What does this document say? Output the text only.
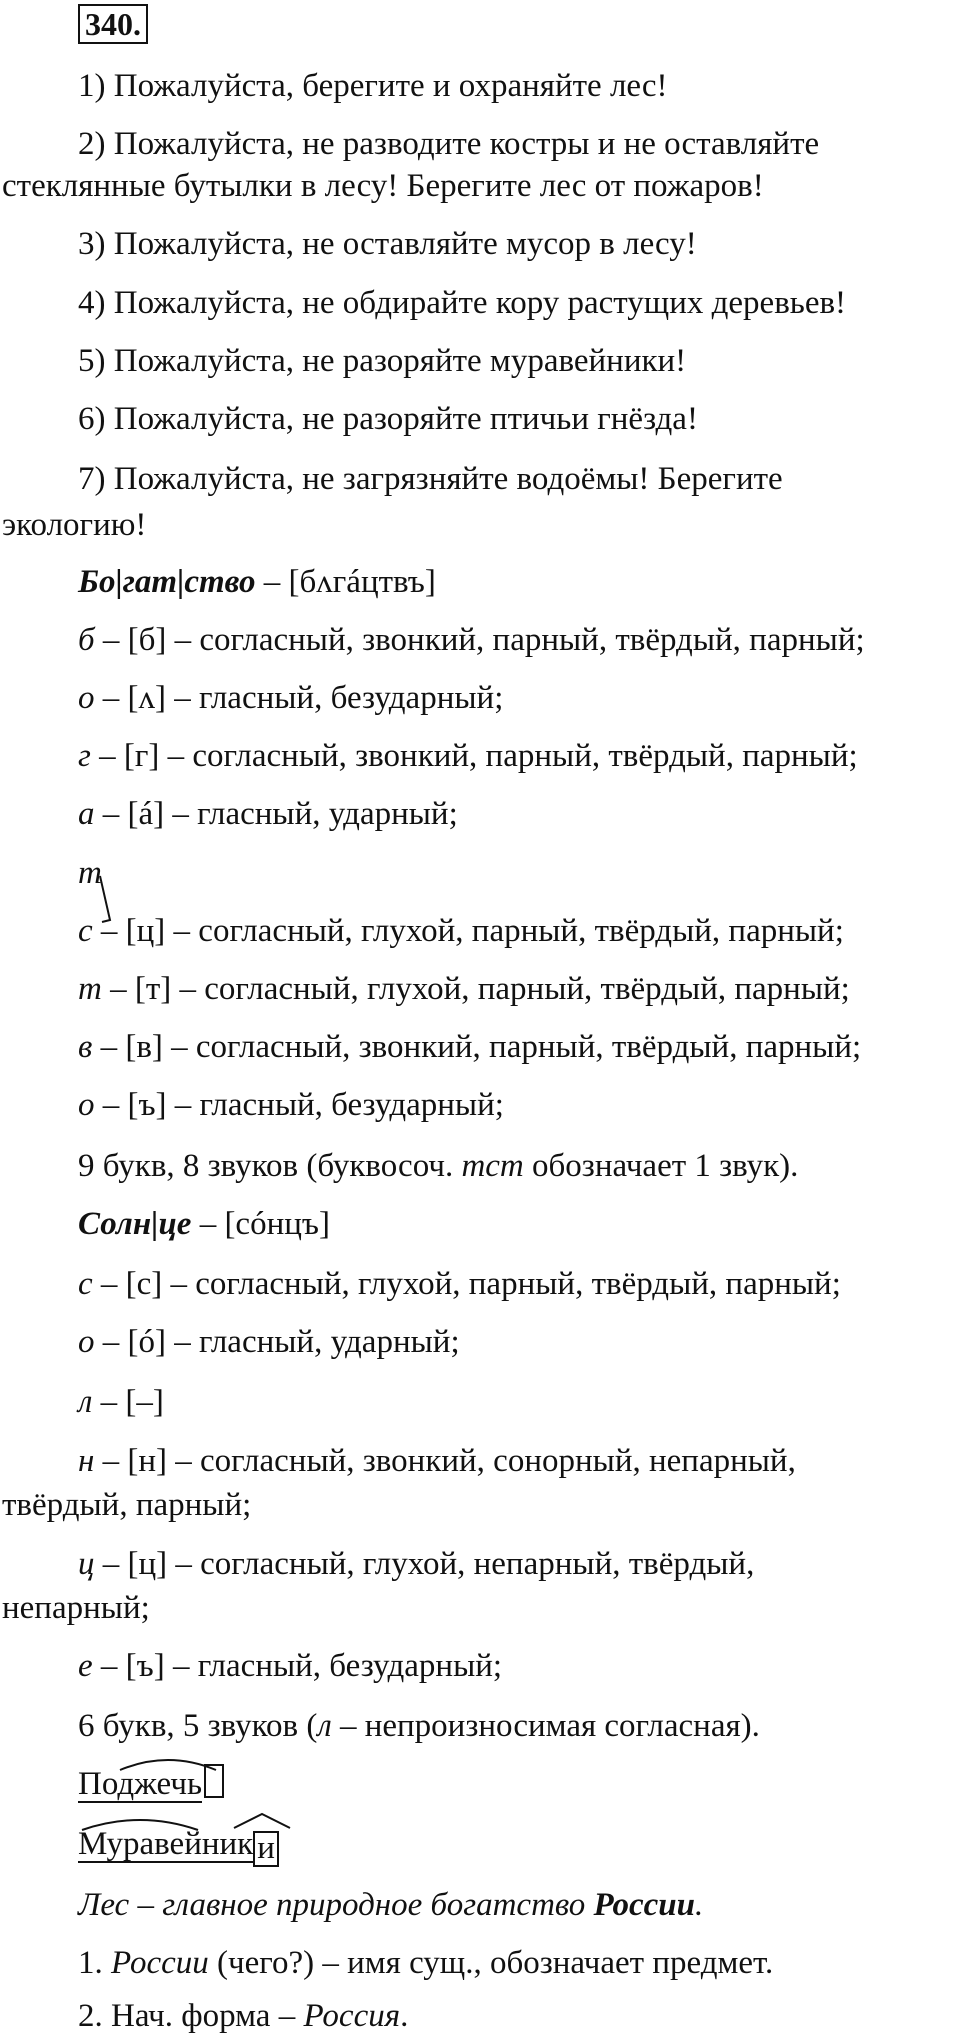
340.
1) Пожалуйста, берегите и охраняйте лес!
2) Пожалуйста, не разводите костры и не оставляйте
стеклянные бутылки в лесу! Берегите лес от пожаров!
3) Пожалуйста, не оставляйте мусор в лесу!
4) Пожалуйста, не обдирайте кору растущих деревьев!
5) Пожалуйста, не разоряйте муравейники!
6) Пожалуйста, не разоряйте птичьи гнёзда!
7) Пожалуйста, не загрязняйте водоёмы! Берегите
экологию!
Бо|гат|ство – [бʌгáцтвъ]
б – [б] – согласный, звонкий, парный, твёрдый, парный;
о – [ʌ] – гласный, безударный;
г – [г] – согласный, звонкий, парный, твёрдый, парный;
а – [á] – гласный, ударный;
т
с – [ц] – согласный, глухой, парный, твёрдый, парный;
т – [т] – согласный, глухой, парный, твёрдый, парный;
в – [в] – согласный, звонкий, парный, твёрдый, парный;
о – [ъ] – гласный, безударный;
9 букв, 8 звуков (буквосоч. тст обозначает 1 звук).
Солн|це – [сóнцъ]
с – [с] – согласный, глухой, парный, твёрдый, парный;
о – [ó] – гласный, ударный;
л – [–]
н – [н] – согласный, звонкий, сонорный, непарный,
твёрдый, парный;
ц – [ц] – согласный, глухой, непарный, твёрдый,
непарный;
е – [ъ] – гласный, безударный;
6 букв, 5 звуков (л – непроизносимая согласная).
Поджечь
Муравейник и
Лес – главное природное богатство России.
1. России (чего?) – имя сущ., обозначает предмет.
2. Нач. форма – Россия.
